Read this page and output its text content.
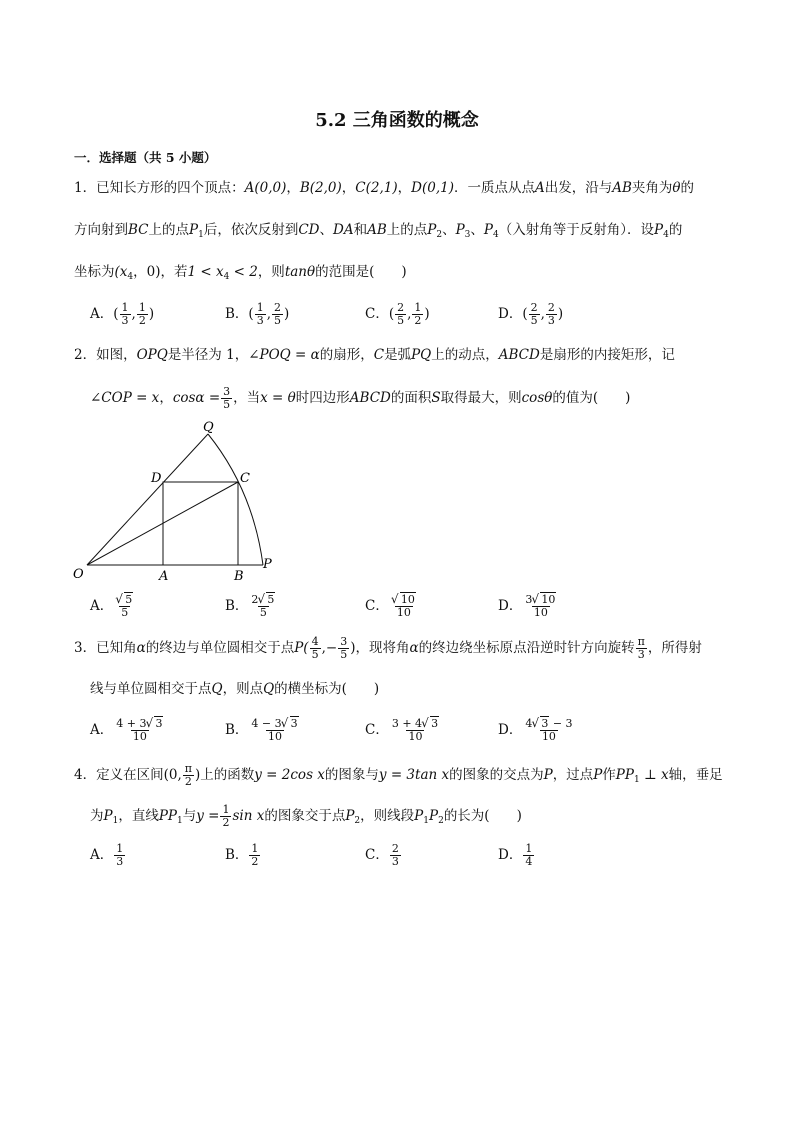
5.2 三角函数的概念
一．选择题（共 5 小题）
1．已知长方形的四个顶点：A(0,0)，B(2,0)，C(2,1)，D(0,1)．一质点从点A出发，沿与AB夹角为θ的
方向射到BC上的点$P_1$后，依次反射到CD、DA和AB上的点$P_2$、$P_3$、$P_4$（入射角等于反射角）．设$P_4$的
坐标为($x_4$，0)，若$1 < x_4 < 2$，则tanθ的范围是(　　)
A．( $\frac{1}{3}$ , $\frac{1}{2}$ )	B．( $\frac{1}{3}$ , $\frac{2}{5}$ )	C．( $\frac{2}{5}$ , $\frac{1}{2}$ )	D．( $\frac{2}{5}$ , $\frac{2}{3}$ )
2．如图，OPQ是半径为 1，∠POQ = α的扇形，C是弧PQ上的动点，ABCD是扇形的内接矩形，记
∠COP = x，$\cos\alpha = \frac{3}{5}$ ，当x = θ时四边形ABCD的面积S取得最大，则cosθ的值为(　　)
O	A	B
P
C
D
Q
A． √ $\frac{5}{5}$	B． $\frac{2 √ 5}{5}$	C． √ $\frac{10}{10}$	D． $\frac{3 √ 10}{10}$
3．已知角α的终边与单位圆相交于点$P( \frac{4}{5}$ ,− $\frac{3}{5}$ )，现将角α的终边绕坐标原点沿逆时针方向旋转 $\frac{\pi}{3}$ ，所得射
线与单位圆相交于点Q，则点Q的横坐标为(　　)
A． $\frac{4 + 3 √ 3}{10}$	B． $\frac{4 - 3 √ 3}{10}$	C． $\frac{3 + 4 √ 3}{10}$	D． $\frac{4 √ 3 - 3}{10}$
4．定义在区间(0, $\frac{\pi}{2}$ )上的函数y = 2cos x的图象与y = 3tan x的图象的交点为P，过点P作$PP_1$ ⊥ x轴，垂足
为$P_1$，直线$PP_1$与$y = \frac{1}{2}$ sin x的图象交于点$P_2$，则线段$P_1P_2$的长为(　　)
A． $\frac{1}{3}$	B． $\frac{1}{2}$	C． $\frac{2}{3}$	D． $\frac{1}{4}$
